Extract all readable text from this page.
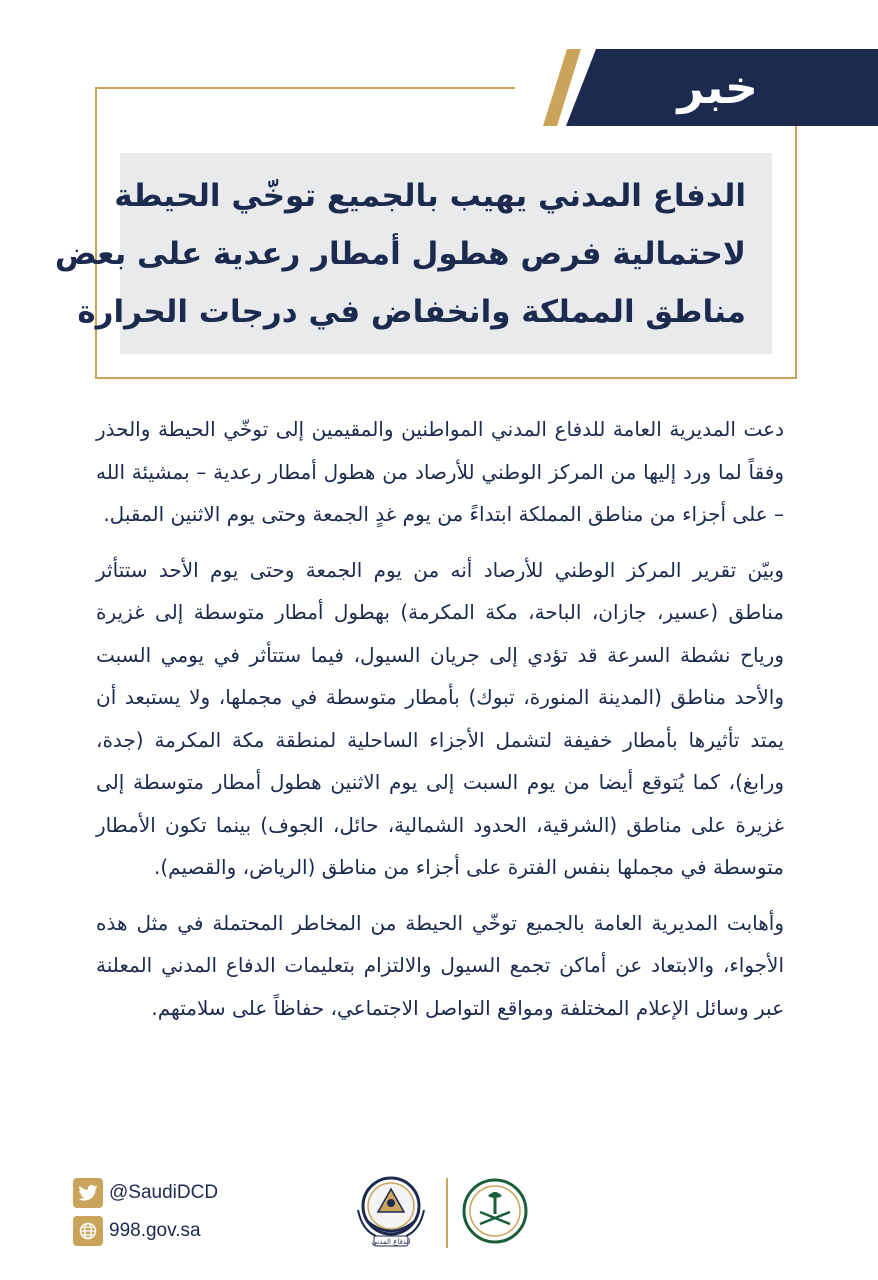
خبر
الدفاع المدني يهيب بالجميع توخّي الحيطة
لاحتمالية فرص هطول أمطار رعدية على بعض
مناطق المملكة وانخفاض في درجات الحرارة

دعت المديرية العامة للدفاع المدني المواطنين والمقيمين إلى توخّي الحيطة والحذر وفقاً لما ورد إليها من المركز الوطني للأرصاد من هطول أمطار رعدية – بمشيئة الله – على أجزاء من مناطق المملكة ابتداءً من يوم غدٍ الجمعة وحتى يوم الاثنين المقبل.

وبيّن تقرير المركز الوطني للأرصاد أنه من يوم الجمعة وحتى يوم الأحد ستتأثر مناطق (عسير، جازان، الباحة، مكة المكرمة) بهطول أمطار متوسطة إلى غزيرة ورياح نشطة السرعة قد تؤدي إلى جريان السيول، فيما ستتأثر في يومي السبت والأحد مناطق (المدينة المنورة، تبوك) بأمطار متوسطة في مجملها، ولا يستبعد أن يمتد تأثيرها بأمطار خفيفة لتشمل الأجزاء الساحلية لمنطقة مكة المكرمة (جدة، ورابغ)، كما يُتوقع أيضا من يوم السبت إلى يوم الاثنين هطول أمطار متوسطة إلى غزيرة على مناطق (الشرقية، الحدود الشمالية، حائل، الجوف) بينما تكون الأمطار متوسطة في مجملها بنفس الفترة على أجزاء من مناطق (الرياض، والقصيم).

وأهابت المديرية العامة بالجميع توخّي الحيطة من المخاطر المحتملة في مثل هذه الأجواء، والابتعاد عن أماكن تجمع السيول والالتزام بتعليمات الدفاع المدني المعلنة عبر وسائل الإعلام المختلفة ومواقع التواصل الاجتماعي، حفاظاً على سلامتهم.

@SaudiDCD
998.gov.sa
الدفاع المدني
